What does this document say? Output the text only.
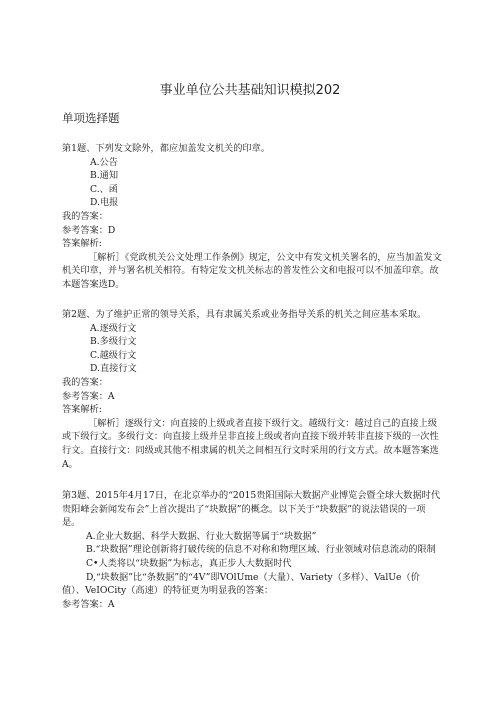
事业单位公共基础知识模拟202
单项选择题
第1题、下列发文除外，都应加盖发文机关的印章。
A.公告
B.通知
C.、函
D.电报
我的答案：
参考答案：D
答案解析:
［解析］《党政机关公文处理工作条例》规定，公文中有发文机关署名的，应当加盖发文机关印章，并与署名机关相符。有特定发文机关标志的普发性公文和电报可以不加盖印章。故本题答案选D。
第2题、为了维护正常的领导关系，具有隶属关系或业务指导关系的机关之间应基本采取。
A.逐级行文
B.多级行文
C.越级行文
D.直接行文
我的答案：
参考答案：A
答案解析:
［解析］逐级行文：向直接的上级或者直接下级行文。越级行文：越过自己的直接上级或下级行文。多级行文：向直接上级并呈非直接上级或者向直接下级并转非直接下级的一次性行文。直接行文：同级或其他不相隶属的机关之间相互行文时采用的行文方式。故本题答案选A。
第3题、2015年4月17日，在北京举办的“2015贵阳国际大数据产业博览会暨全球大数据时代贵阳峰会新闻发布会”上首次提出了“块数据”的概念。以下关于“块数据”的说法错误的一项是。
A.企业大数据、科学大数据、行业大数据等属于“块数据”
B.“块数据”理论创新将打破传统的信息不对称和物理区域、行业领域对信息流动的限制
C•人类将以“块数据”为标志，真正步人大数据时代
D,“块数据”比“条数据”的“4V”即VOlUme（大量）、Variety（多样）、ValUe（价值）、VeIOCity（高速）的特征更为明显我的答案：
参考答案：A
